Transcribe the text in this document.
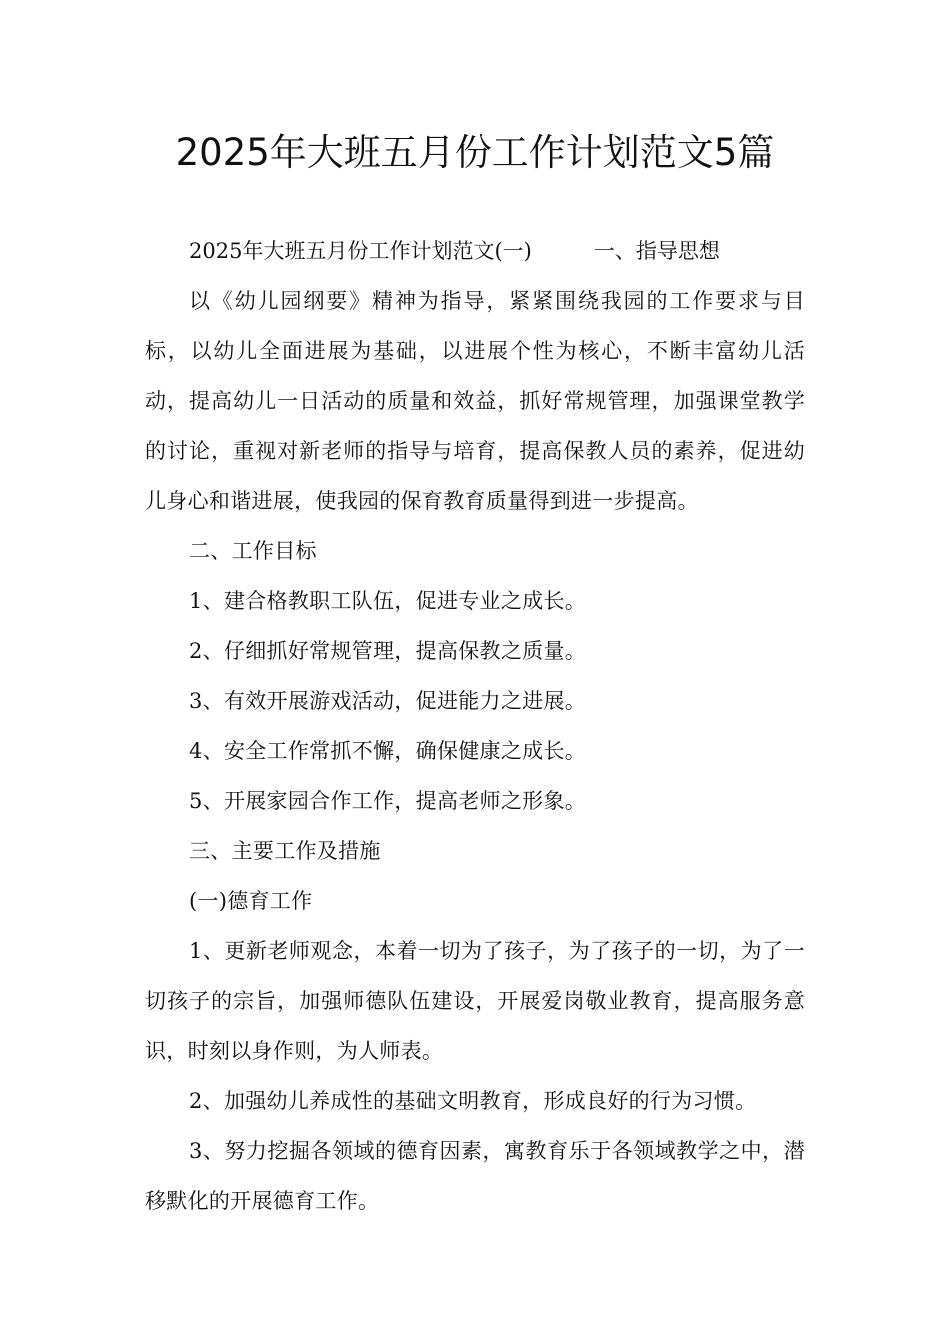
2025年大班五月份工作计划范文5篇

2025年大班五月份工作计划范文(一)	一、指导思想

以《幼儿园纲要》精神为指导，紧紧围绕我园的工作要求与目标，以幼儿全面进展为基础，以进展个性为核心，不断丰富幼儿活动，提高幼儿一日活动的质量和效益，抓好常规管理，加强课堂教学的讨论，重视对新老师的指导与培育，提高保教人员的素养，促进幼儿身心和谐进展，使我园的保育教育质量得到进一步提高。

二、工作目标

1、建合格教职工队伍，促进专业之成长。

2、仔细抓好常规管理，提高保教之质量。

3、有效开展游戏活动，促进能力之进展。

4、安全工作常抓不懈，确保健康之成长。

5、开展家园合作工作，提高老师之形象。

三、主要工作及措施

(一)德育工作

1、更新老师观念，本着一切为了孩子，为了孩子的一切，为了一切孩子的宗旨，加强师德队伍建设，开展爱岗敬业教育，提高服务意识，时刻以身作则，为人师表。

2、加强幼儿养成性的基础文明教育，形成良好的行为习惯。

3、努力挖掘各领域的德育因素，寓教育乐于各领域教学之中，潜移默化的开展德育工作。
